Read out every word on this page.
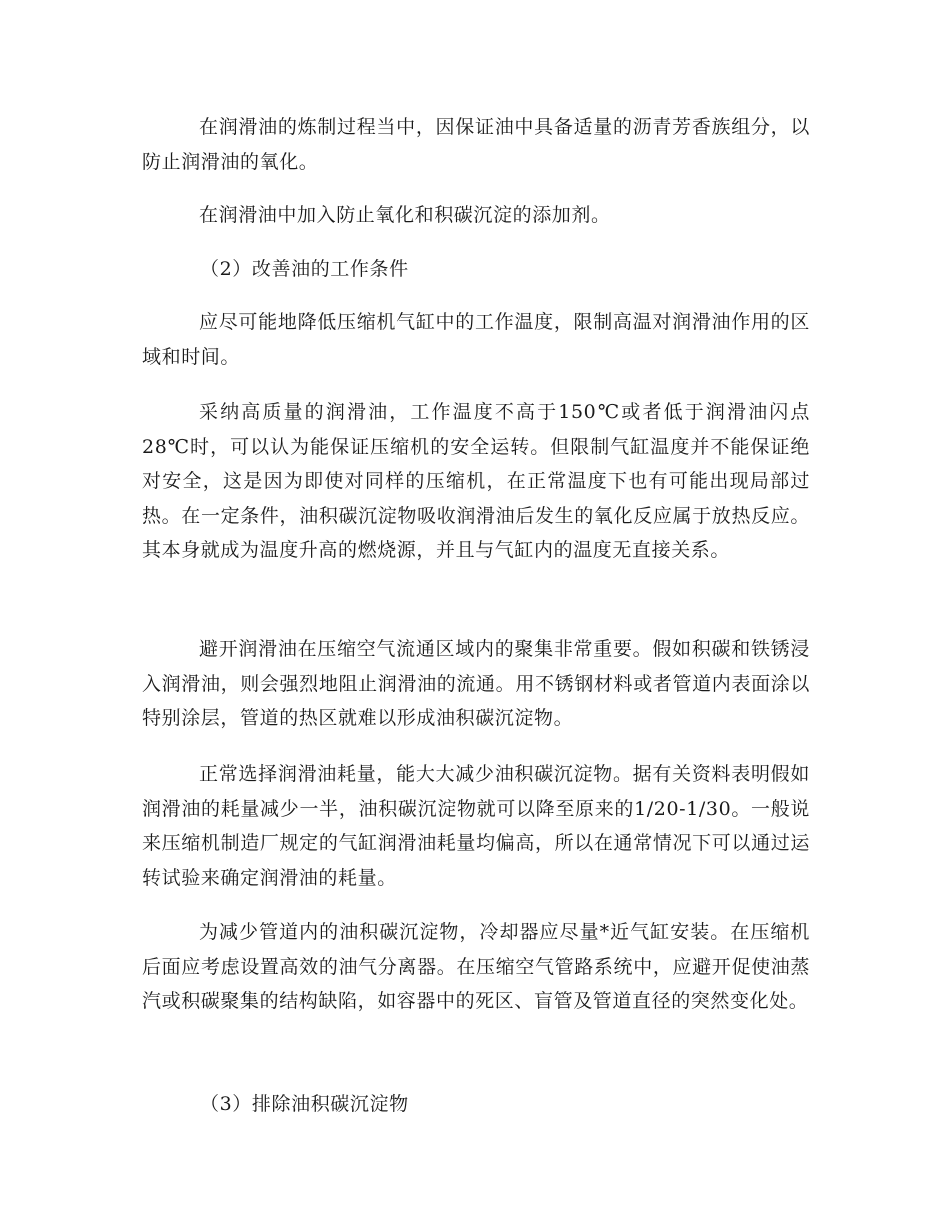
在润滑油的炼制过程当中，因保证油中具备适量的沥青芳香族组分，以防止润滑油的氧化。

在润滑油中加入防止氧化和积碳沉淀的添加剂。

（2）改善油的工作条件

应尽可能地降低压缩机气缸中的工作温度，限制高温对润滑油作用的区域和时间。

采纳高质量的润滑油，工作温度不高于150℃或者低于润滑油闪点28℃时，可以认为能保证压缩机的安全运转。但限制气缸温度并不能保证绝对安全，这是因为即使对同样的压缩机，在正常温度下也有可能出现局部过热。在一定条件，油积碳沉淀物吸收润滑油后发生的氧化反应属于放热反应。其本身就成为温度升高的燃烧源，并且与气缸内的温度无直接关系。

避开润滑油在压缩空气流通区域内的聚集非常重要。假如积碳和铁锈浸入润滑油，则会强烈地阻止润滑油的流通。用不锈钢材料或者管道内表面涂以特别涂层，管道的热区就难以形成油积碳沉淀物。

正常选择润滑油耗量，能大大减少油积碳沉淀物。据有关资料表明假如润滑油的耗量减少一半，油积碳沉淀物就可以降至原来的1/20-1/30。一般说来压缩机制造厂规定的气缸润滑油耗量均偏高，所以在通常情况下可以通过运转试验来确定润滑油的耗量。

为减少管道内的油积碳沉淀物，冷却器应尽量*近气缸安装。在压缩机后面应考虑设置高效的油气分离器。在压缩空气管路系统中，应避开促使油蒸汽或积碳聚集的结构缺陷，如容器中的死区、盲管及管道直径的突然变化处。

（3）排除油积碳沉淀物
